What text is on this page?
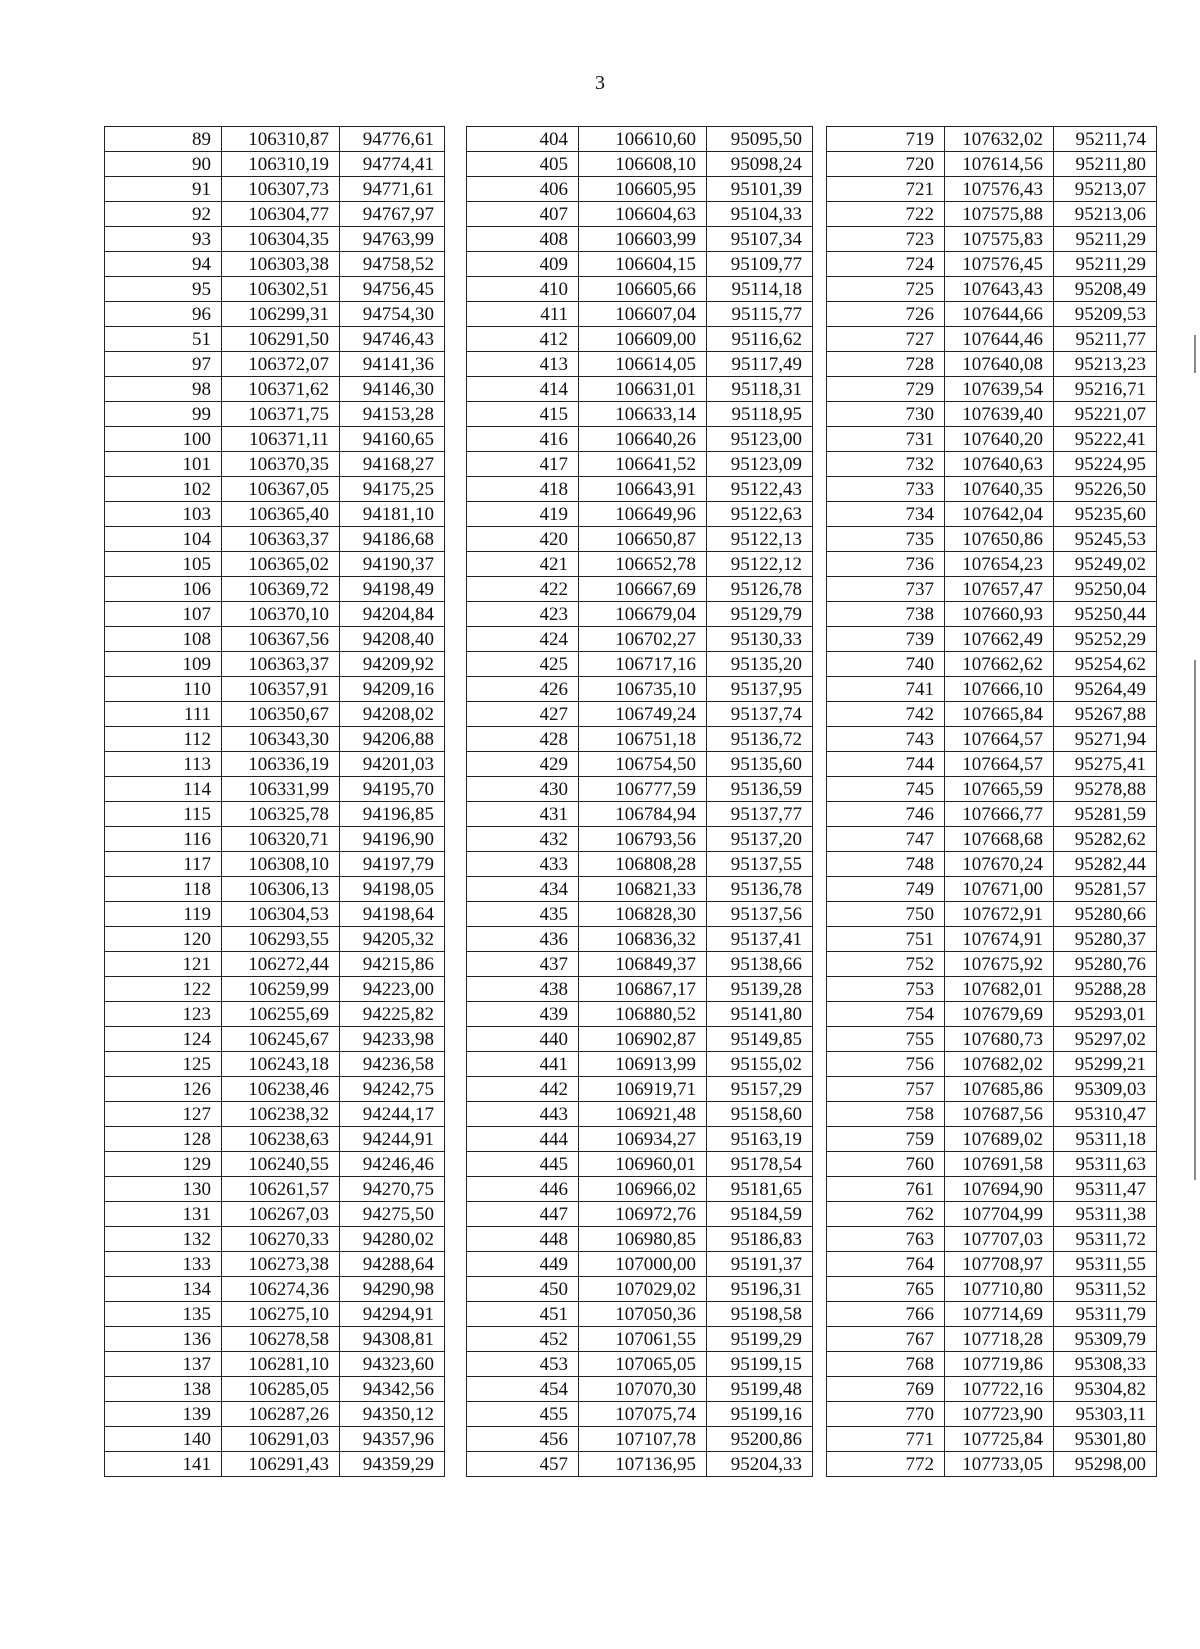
3
89	106310,87	94776,61
90	106310,19	94774,41
91	106307,73	94771,61
92	106304,77	94767,97
93	106304,35	94763,99
94	106303,38	94758,52
95	106302,51	94756,45
96	106299,31	94754,30
51	106291,50	94746,43
97	106372,07	94141,36
98	106371,62	94146,30
99	106371,75	94153,28
100	106371,11	94160,65
101	106370,35	94168,27
102	106367,05	94175,25
103	106365,40	94181,10
104	106363,37	94186,68
105	106365,02	94190,37
106	106369,72	94198,49
107	106370,10	94204,84
108	106367,56	94208,40
109	106363,37	94209,92
110	106357,91	94209,16
111	106350,67	94208,02
112	106343,30	94206,88
113	106336,19	94201,03
114	106331,99	94195,70
115	106325,78	94196,85
116	106320,71	94196,90
117	106308,10	94197,79
118	106306,13	94198,05
119	106304,53	94198,64
120	106293,55	94205,32
121	106272,44	94215,86
122	106259,99	94223,00
123	106255,69	94225,82
124	106245,67	94233,98
125	106243,18	94236,58
126	106238,46	94242,75
127	106238,32	94244,17
128	106238,63	94244,91
129	106240,55	94246,46
130	106261,57	94270,75
131	106267,03	94275,50
132	106270,33	94280,02
133	106273,38	94288,64
134	106274,36	94290,98
135	106275,10	94294,91
136	106278,58	94308,81
137	106281,10	94323,60
138	106285,05	94342,56
139	106287,26	94350,12
140	106291,03	94357,96
141	106291,43	94359,29
404	106610,60	95095,50
405	106608,10	95098,24
406	106605,95	95101,39
407	106604,63	95104,33
408	106603,99	95107,34
409	106604,15	95109,77
410	106605,66	95114,18
411	106607,04	95115,77
412	106609,00	95116,62
413	106614,05	95117,49
414	106631,01	95118,31
415	106633,14	95118,95
416	106640,26	95123,00
417	106641,52	95123,09
418	106643,91	95122,43
419	106649,96	95122,63
420	106650,87	95122,13
421	106652,78	95122,12
422	106667,69	95126,78
423	106679,04	95129,79
424	106702,27	95130,33
425	106717,16	95135,20
426	106735,10	95137,95
427	106749,24	95137,74
428	106751,18	95136,72
429	106754,50	95135,60
430	106777,59	95136,59
431	106784,94	95137,77
432	106793,56	95137,20
433	106808,28	95137,55
434	106821,33	95136,78
435	106828,30	95137,56
436	106836,32	95137,41
437	106849,37	95138,66
438	106867,17	95139,28
439	106880,52	95141,80
440	106902,87	95149,85
441	106913,99	95155,02
442	106919,71	95157,29
443	106921,48	95158,60
444	106934,27	95163,19
445	106960,01	95178,54
446	106966,02	95181,65
447	106972,76	95184,59
448	106980,85	95186,83
449	107000,00	95191,37
450	107029,02	95196,31
451	107050,36	95198,58
452	107061,55	95199,29
453	107065,05	95199,15
454	107070,30	95199,48
455	107075,74	95199,16
456	107107,78	95200,86
457	107136,95	95204,33
719	107632,02	95211,74
720	107614,56	95211,80
721	107576,43	95213,07
722	107575,88	95213,06
723	107575,83	95211,29
724	107576,45	95211,29
725	107643,43	95208,49
726	107644,66	95209,53
727	107644,46	95211,77
728	107640,08	95213,23
729	107639,54	95216,71
730	107639,40	95221,07
731	107640,20	95222,41
732	107640,63	95224,95
733	107640,35	95226,50
734	107642,04	95235,60
735	107650,86	95245,53
736	107654,23	95249,02
737	107657,47	95250,04
738	107660,93	95250,44
739	107662,49	95252,29
740	107662,62	95254,62
741	107666,10	95264,49
742	107665,84	95267,88
743	107664,57	95271,94
744	107664,57	95275,41
745	107665,59	95278,88
746	107666,77	95281,59
747	107668,68	95282,62
748	107670,24	95282,44
749	107671,00	95281,57
750	107672,91	95280,66
751	107674,91	95280,37
752	107675,92	95280,76
753	107682,01	95288,28
754	107679,69	95293,01
755	107680,73	95297,02
756	107682,02	95299,21
757	107685,86	95309,03
758	107687,56	95310,47
759	107689,02	95311,18
760	107691,58	95311,63
761	107694,90	95311,47
762	107704,99	95311,38
763	107707,03	95311,72
764	107708,97	95311,55
765	107710,80	95311,52
766	107714,69	95311,79
767	107718,28	95309,79
768	107719,86	95308,33
769	107722,16	95304,82
770	107723,90	95303,11
771	107725,84	95301,80
772	107733,05	95298,00
